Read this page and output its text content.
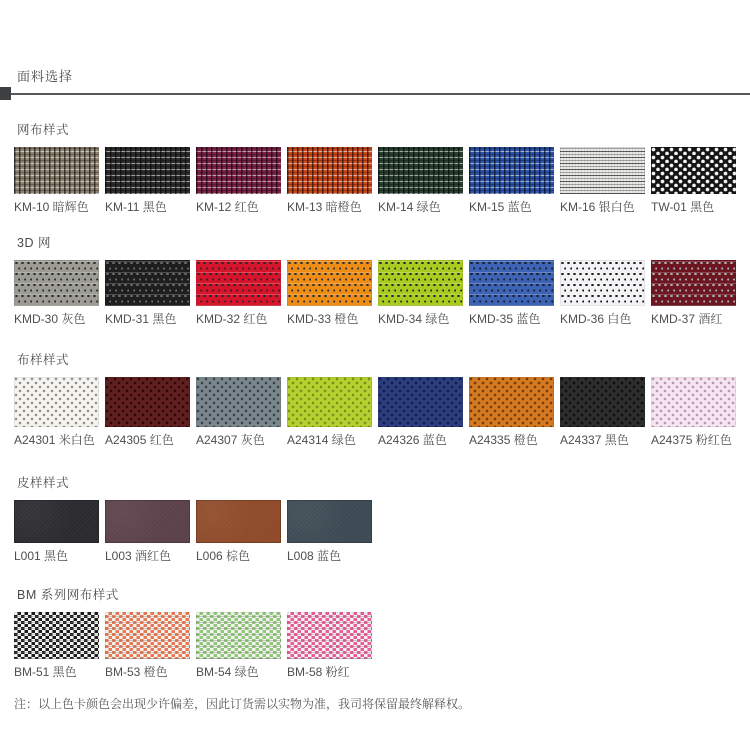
面料选择
网布样式
KM-10 暗辉色	KM-11 黑色	KM-12 红色	KM-13 暗橙色	KM-14 绿色	KM-15 蓝色	KM-16 银白色	TW-01 黑色
3D 网
KMD-30 灰色	KMD-31 黑色	KMD-32 红色	KMD-33 橙色	KMD-34 绿色	KMD-35 蓝色	KMD-36 白色	KMD-37 酒红
布样样式
A24301 米白色 A24305 红色	A24307 灰色	A24314 绿色	A24326 蓝色	A24335 橙色	A24337 黑色	A24375 粉红色
皮样样式
L001 黑色	L003 酒红色	L006 棕色	L008 蓝色
BM 系列网布样式
BM-51 黑色	BM-53 橙色	BM-54 绿色	BM-58 粉红
注：以上色卡颜色会出现少许偏差，因此订货需以实物为准，我司将保留最终解释权。
